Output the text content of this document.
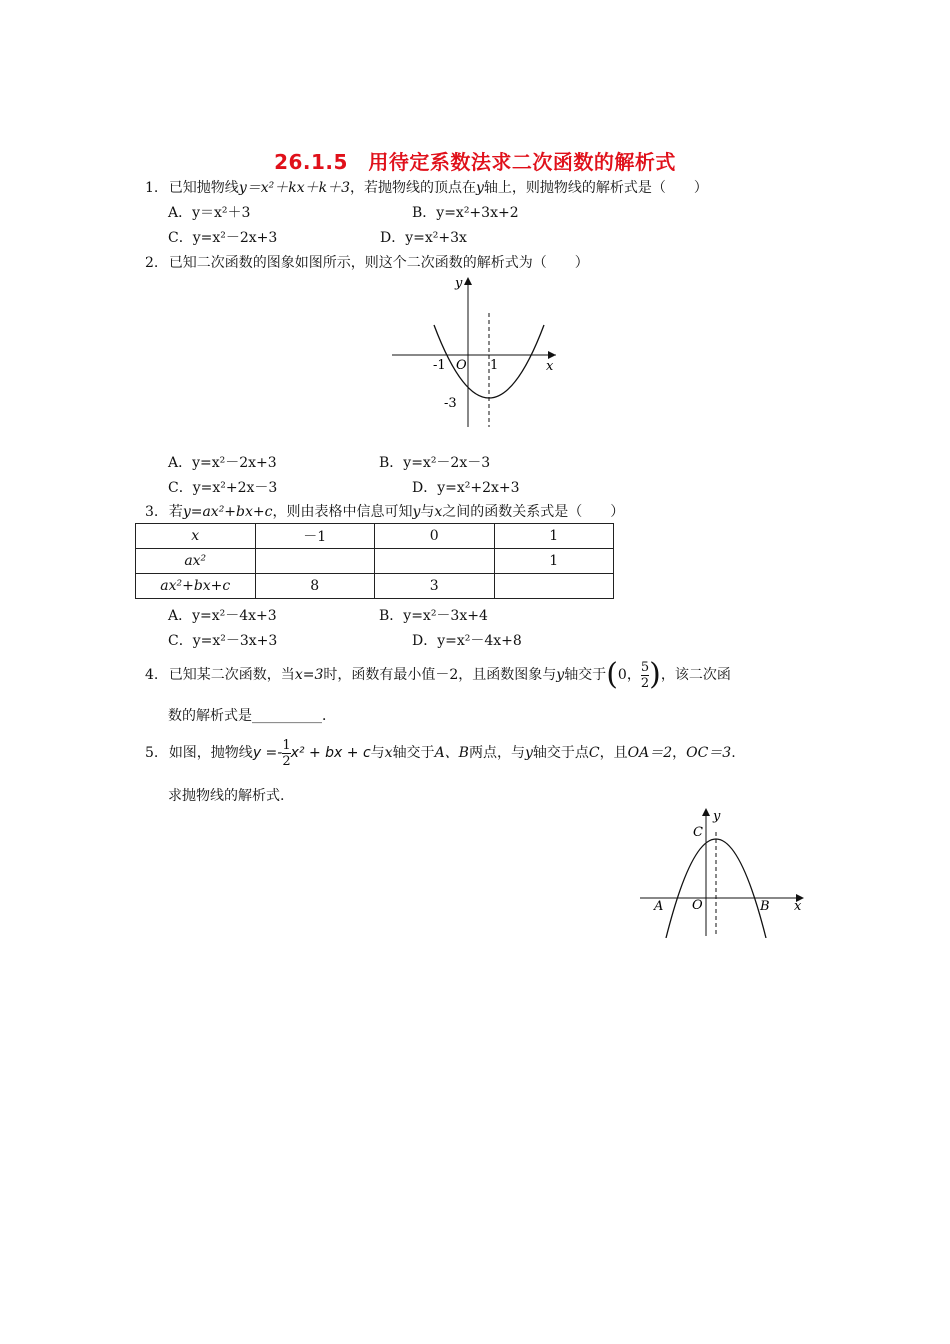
26.1.5　用待定系数法求二次函数的解析式
1. 已知抛物线y＝x²＋kx＋k＋3，若抛物线的顶点在y轴上，则抛物线的解析式是（　　）
A．y＝x²＋3	B．y=x²+3x+2
C．y=x²－2x+3	D．y=x²+3x
2. 已知二次函数的图象如图所示，则这个二次函数的解析式为（　　）
y
x
O
-1	1
-3
A．y=x²－2x+3	B．y=x²－2x－3
C．y=x²+2x－3	D．y=x²+2x+3
3. 若y=ax²+bx+c，则由表格中信息可知y与x之间的函数关系式是（　　）
x	－1	0	1
ax²			1
ax²+bx+c	8	3	
A．y=x²－4x+3	B．y=x²－3x+4
C．y=x²－3x+3	D．y=x²－4x+8
4. 已知某二次函数，当x=3时，函数有最小值－2，且函数图象与y轴交于(0， $\frac{5}{2}$ )，该二次函
数的解析式是__________．
5. 如图，抛物线$y =- \frac{1}{2} x^2$ + bx + c与x轴交于A、B两点，与y轴交于点C，且OA＝2，OC＝3.
求抛物线的解析式.
y
x
O
A	B
C
